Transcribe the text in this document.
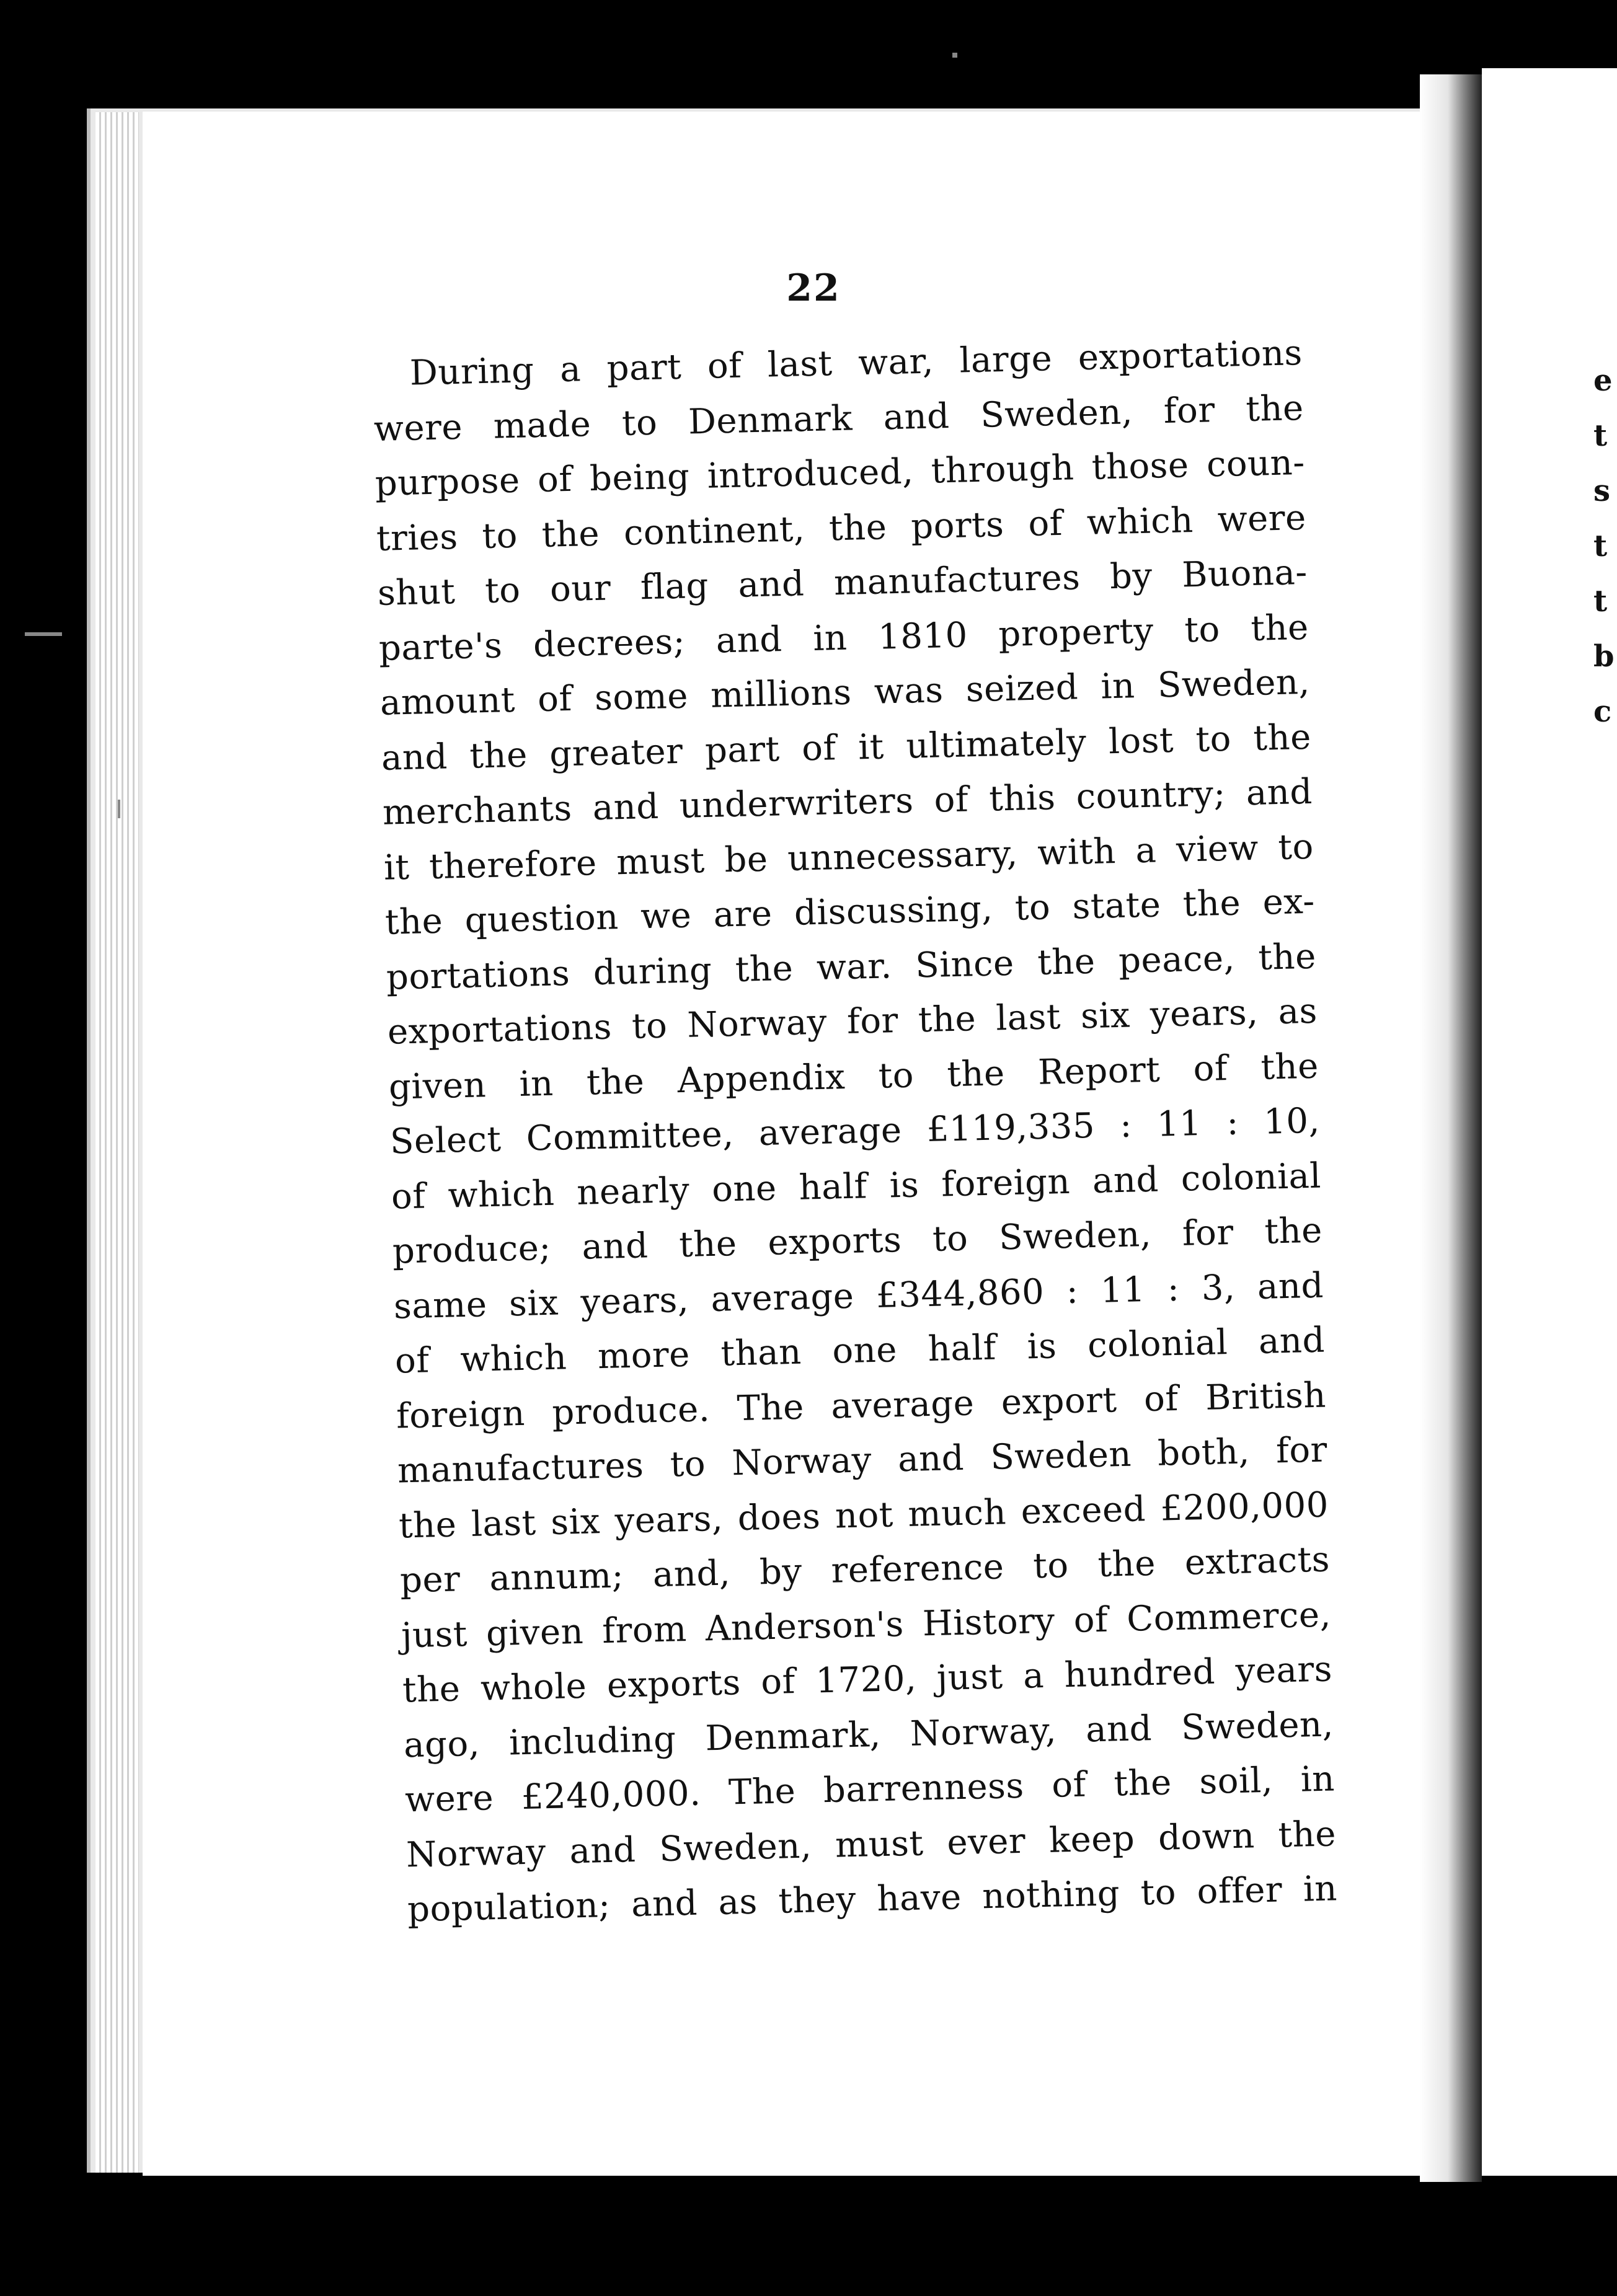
e
t
s
t
t
b
c
22
During a part of last war, large exportations
were made to Denmark and Sweden, for the
purpose of being introduced, through those coun-
tries to the continent, the ports of which were
shut to our flag and manufactures by Buona-
parte's decrees; and in 1810 property to the
amount of some millions was seized in Sweden,
and the greater part of it ultimately lost to the
merchants and underwriters of this country; and
it therefore must be unnecessary, with a view to
the question we are discussing, to state the ex-
portations during the war. Since the peace, the
exportations to Norway for the last six years, as
given in the Appendix to the Report of the
Select Committee, average £119,335 : 11 : 10,
of which nearly one half is foreign and colonial
produce; and the exports to Sweden, for the
same six years, average £344,860 : 11 : 3, and
of which more than one half is colonial and
foreign produce. The average export of British
manufactures to Norway and Sweden both, for
the last six years, does not much exceed £200,000
per annum; and, by reference to the extracts
just given from Anderson's History of Commerce,
the whole exports of 1720, just a hundred years
ago, including Denmark, Norway, and Sweden,
were £240,000. The barrenness of the soil, in
Norway and Sweden, must ever keep down the
population; and as they have nothing to offer in
